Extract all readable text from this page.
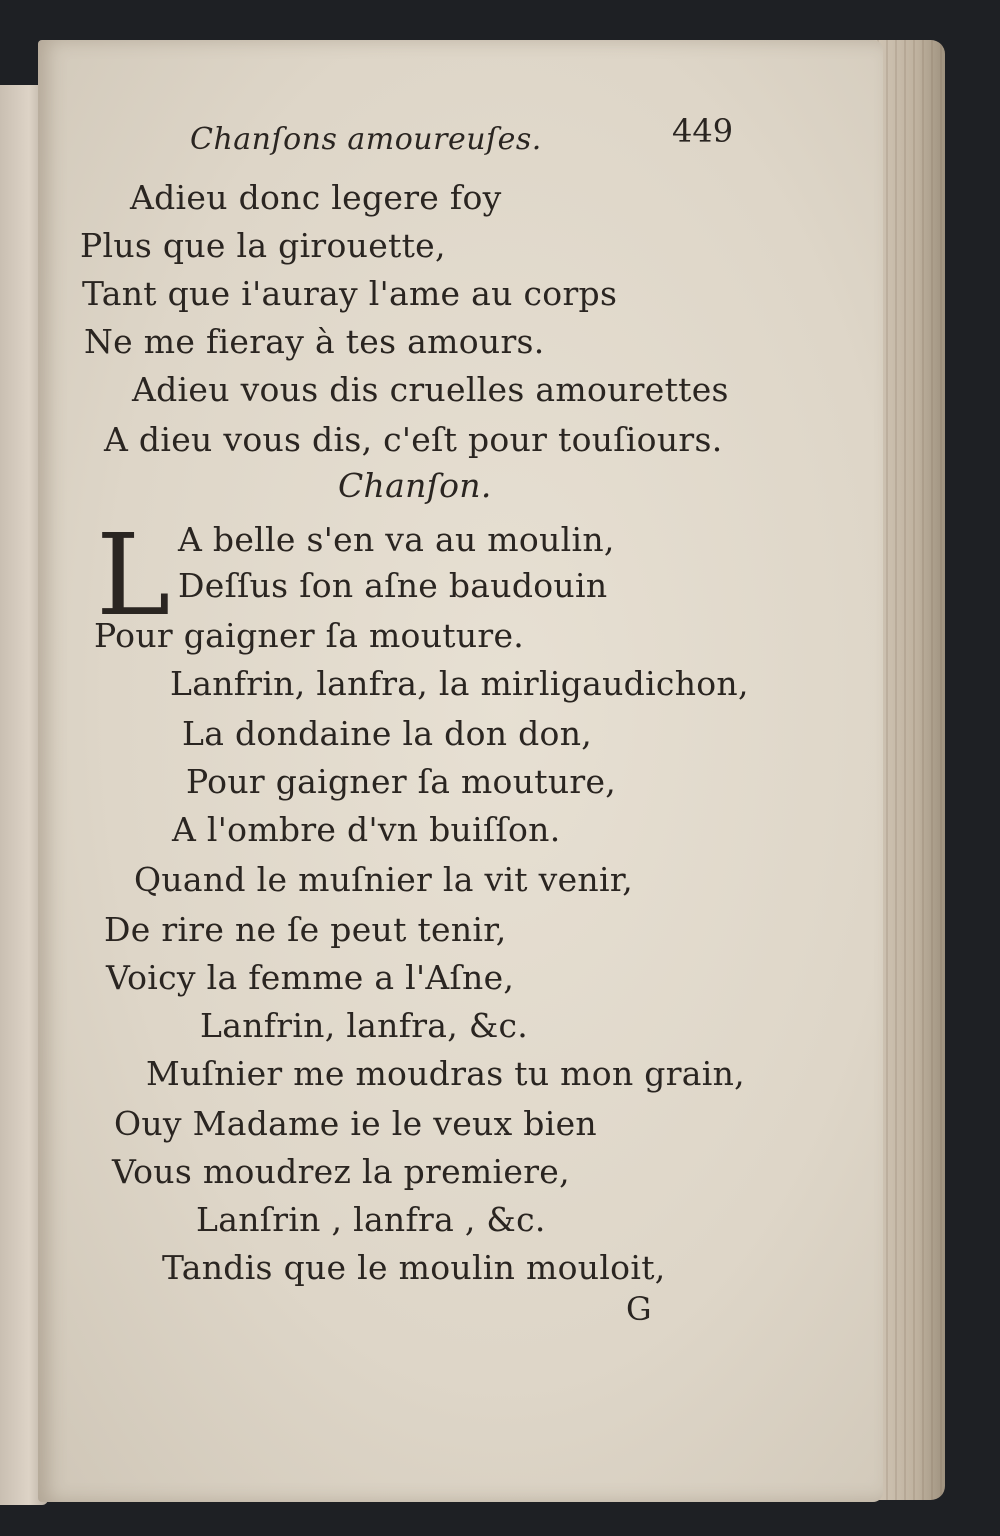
Chanſons amoureuſes.	449
Adieu donc legere foy
Plus que la girouette,
Tant que i'auray l'ame au corps
Ne me fieray à tes amours.
Adieu vous dis cruelles amourettes
A dieu vous dis, c'eſt pour touſiours.
Chanſon.
L A belle s'en va au moulin,
Deſſus ſon aſne baudouin
Pour gaigner ſa mouture.
Lanfrin, lanfra, la mirligaudichon,
La dondaine la don don,
Pour gaigner ſa mouture,
A l'ombre d'vn buiſſon.
Quand le muſnier la vit venir,
De rire ne ſe peut tenir,
Voicy la femme a l'Aſne,
Lanfrin, lanfra, &c.
Muſnier me moudras tu mon grain,
Ouy Madame ie le veux bien
Vous moudrez la premiere,
Lanſrin , lanfra , &c.
Tandis que le moulin mouloit,
G
